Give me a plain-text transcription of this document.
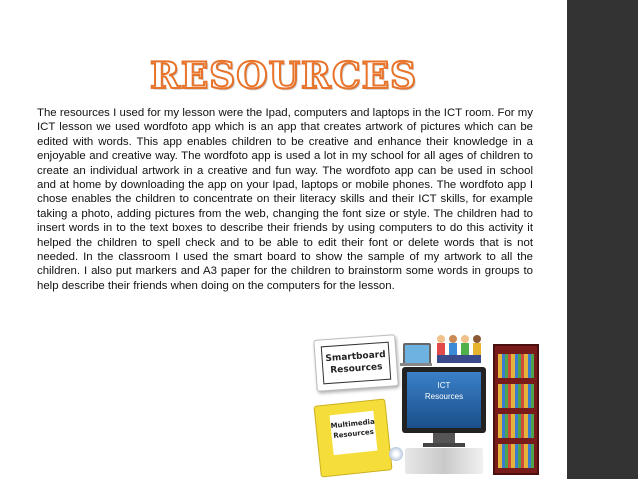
RESOURCES

The resources I used for my lesson were the Ipad, computers and laptops in the ICT room. For my ICT lesson we used wordfoto app which is an app that creates artwork of pictures which can be edited with words. This app enables children to be creative and enhance their knowledge in a enjoyable and creative way. The wordfoto app is used a lot in my school for all ages of children to create an individual artwork in a creative and fun way. The wordfoto app can be used in school and at home by downloading the app on your Ipad, laptops or mobile phones. The wordfoto app I chose enables the children to concentrate on their literacy skills and their ICT skills, for example taking a photo, adding pictures from the web, changing the font size or style. The children had to insert words in to the text boxes to describe their friends by using computers to do this activity it helped the children to spell check and to be able to edit their font or delete words that is not needed. In the classroom I used the smart board to show the sample of my artwork to all the children. I also put markers and A3 paper for the children to brainstorm some words in groups to help describe their friends when doing on the computers for the lesson.

Smartboard
Resources
Multimedia
Resources
ICT
Resources
